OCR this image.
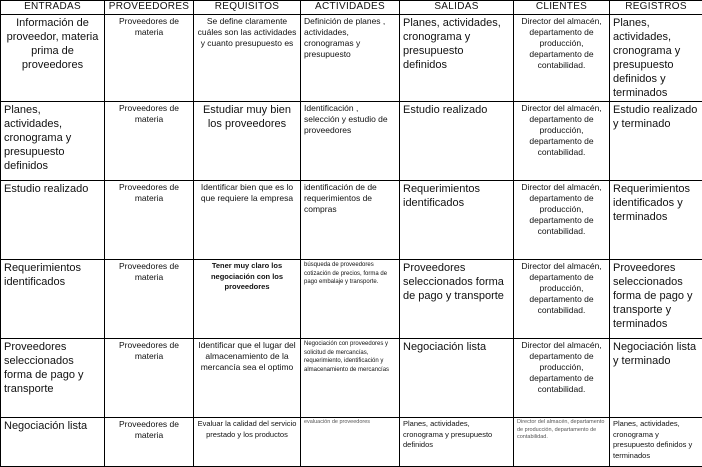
ENTRADAS	PROVEEDORES	REQUISITOS	ACTIVIDADES	SALIDAS	CLIENTES	REGISTROS
Información de proveedor, materia prima de proveedores	Proveedores de materia	Se define claramente cuáles son las actividades y cuanto presupuesto es	Definición de planes , actividades, cronogramas y presupuesto	Planes, actividades, cronograma y presupuesto definidos	Director del almacén, departamento de producción, departamento de contabilidad.	Planes, actividades, cronograma y presupuesto definidos y terminados
Planes, actividades, cronograma y presupuesto definidos	Proveedores de materia	Estudiar muy bien los proveedores	Identificación , selección y estudio de proveedores	Estudio realizado	Director del almacén, departamento de producción, departamento de contabilidad.	Estudio realizado y terminado
Estudio realizado	Proveedores de materia	Identificar bien que es lo que requiere la empresa	identificación de de requerimientos de compras	Requerimientos identificados	Director del almacén, departamento de producción, departamento de contabilidad.	Requerimientos identificados y terminados
Requerimientos identificados	Proveedores de materia	Tener muy claro los negociación con los proveedores	búsqueda de proveedores cotización de precios, forma de pago embalaje y transporte.	Proveedores seleccionados forma de pago y transporte	Director del almacén, departamento de producción, departamento de contabilidad.	Proveedores seleccionados forma de pago y transporte y terminados
Proveedores seleccionados forma de pago y transporte	Proveedores de materia	Identificar que el lugar del almacenamiento de la mercancía sea el optimo	Negociación con proveedores y solicitud de mercancías, requerimiento, identificación y almacenamiento de mercancías	Negociación lista	Director del almacén, departamento de producción, departamento de contabilidad.	Negociación lista y terminado
Negociación lista	Proveedores de materia	Evaluar la calidad del servicio prestado y los productos	evaluación de proveedores	Planes, actividades, cronograma y presupuesto definidos	Director del almacén, departamento de producción, departamento de contabilidad.	Planes, actividades, cronograma y presupuesto definidos y terminados
